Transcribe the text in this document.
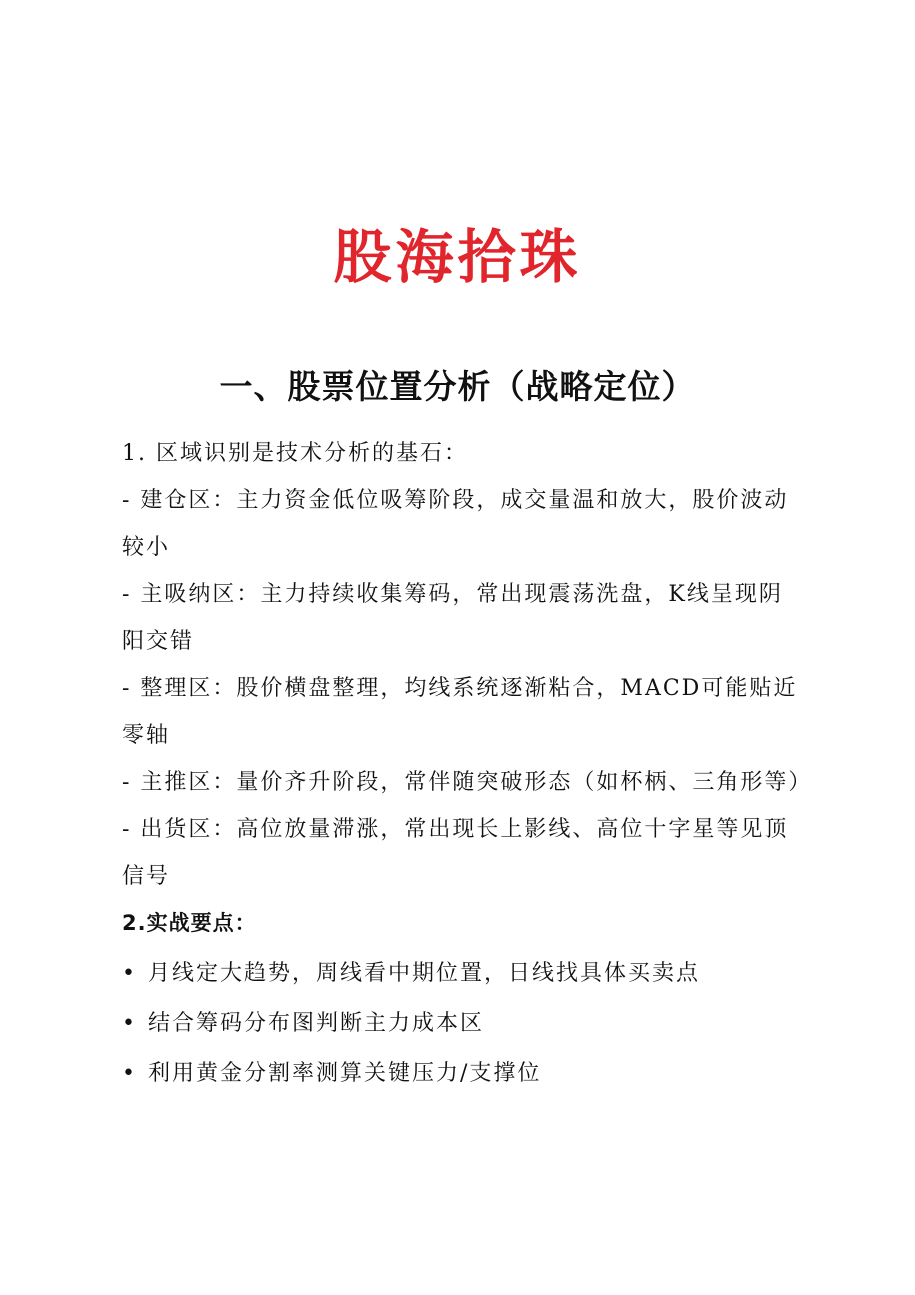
股海拾珠
一、股票位置分析（战略定位）
1. 区域识别是技术分析的基石：
- 建仓区：主力资金低位吸筹阶段，成交量温和放大，股价波动较小
- 主吸纳区：主力持续收集筹码，常出现震荡洗盘，K线呈现阴阳交错
- 整理区：股价横盘整理，均线系统逐渐粘合，MACD可能贴近零轴
- 主推区：量价齐升阶段，常伴随突破形态（如杯柄、三角形等）
- 出货区：高位放量滞涨，常出现长上影线、高位十字星等见顶信号
2.实战要点：
• 月线定大趋势，周线看中期位置，日线找具体买卖点
• 结合筹码分布图判断主力成本区
• 利用黄金分割率测算关键压力/支撑位
